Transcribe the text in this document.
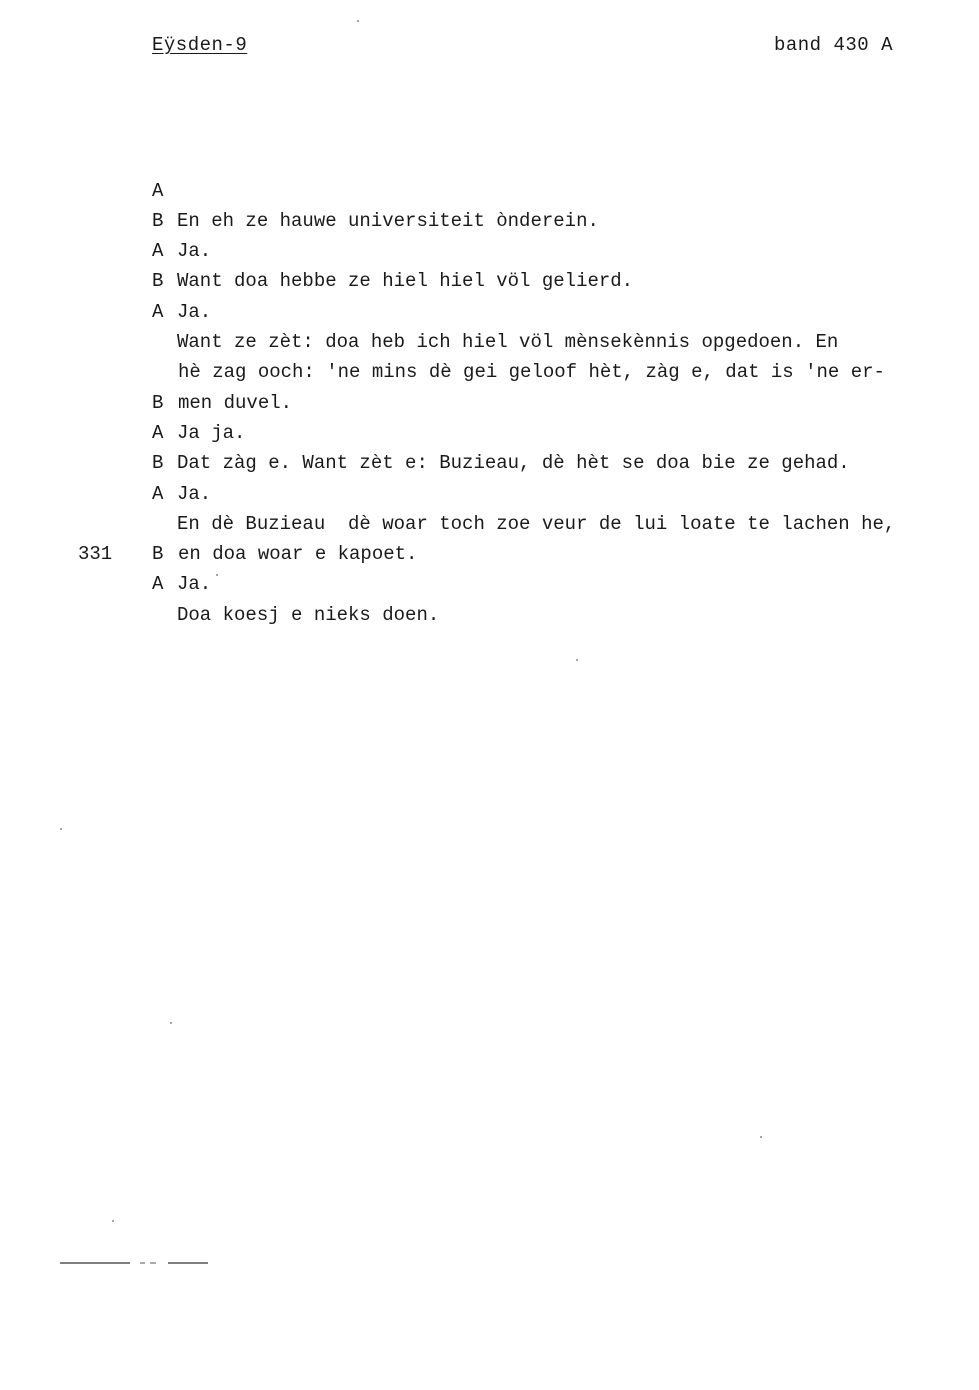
Eÿsden-9	band 430 A

A

En eh ze hauwe universiteit ònderein.

B

Ja.

A

Want doa hebbe ze hiel hiel völ gelierd.

B

Ja.

A

Want ze zèt: doa heb ich hiel völ mènsekènnis opgedoen. En

hè zag ooch: 'ne mins dè gei geloof hèt, zàg e, dat is 'ne er-

men duvel.

B

Ja ja.

A

Dat zàg e. Want zèt e: Buzieau, dè hèt se doa bie ze gehad.

B

Ja.

A

En dè Buzieau  dè woar toch zoe veur de lui loate te lachen he,

en doa woar e kapoet.

B

Ja.

331

A

Doa koesj e nieks doen.
